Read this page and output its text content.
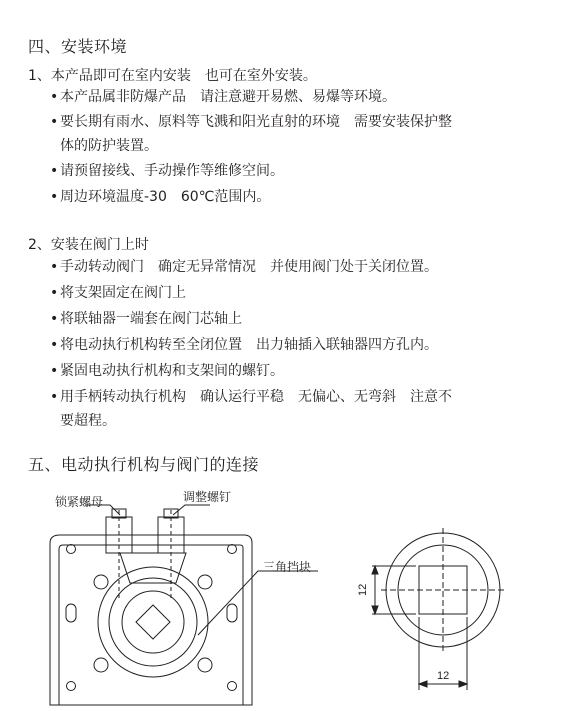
四、安装环境
1、本产品即可在室内安装　也可在室外安装。
• 本产品属非防爆产品　请注意避开易燃、易爆等环境。
• 要长期有雨水、原料等飞溅和阳光直射的环境　需要安装保护整
体的防护装置。
• 请预留接线、手动操作等维修空间。
• 周边环境温度-30　60℃范围内。
2、安装在阀门上时
• 手动转动阀门　确定无异常情况　并使用阀门处于关闭位置。
• 将支架固定在阀门上
• 将联轴器一端套在阀门芯轴上
• 将电动执行机构转至全闭位置　出力轴插入联轴器四方孔内。
• 紧固电动执行机构和支架间的螺钉。
• 用手柄转动执行机构　确认运行平稳　无偏心、无弯斜　注意不
要超程。
五、电动执行机构与阀门的连接
12
12
锁紧螺母	调整螺钉
三角挡块
